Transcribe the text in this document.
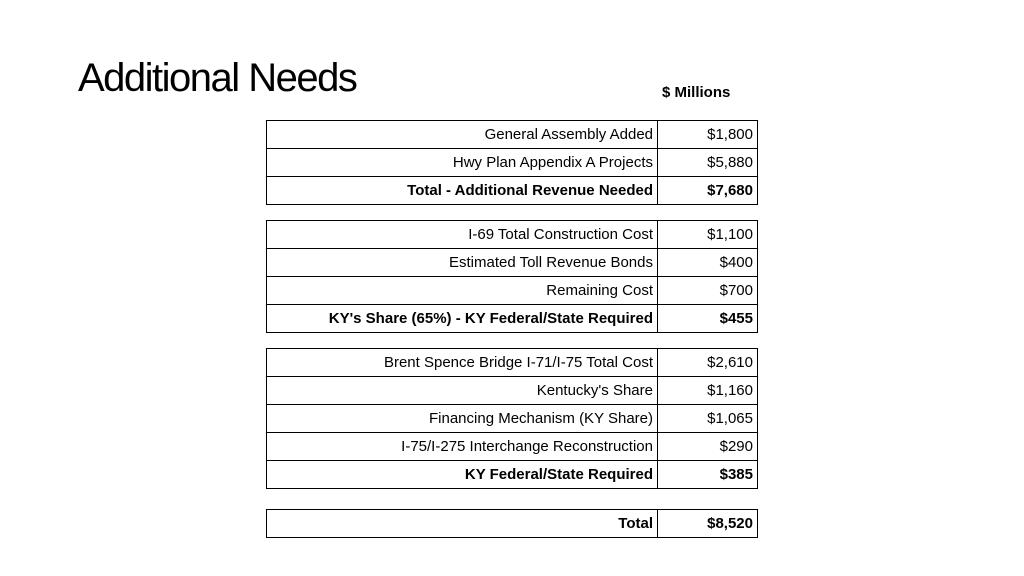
Additional Needs	$ Millions
General Assembly Added	$1,800
Hwy Plan Appendix A Projects	$5,880
Total - Additional Revenue Needed	$7,680
I-69 Total Construction Cost	$1,100
Estimated Toll Revenue Bonds	$400
Remaining Cost	$700
KY's Share (65%) - KY Federal/State Required	$455
Brent Spence Bridge I-71/I-75 Total Cost	$2,610
Kentucky's Share	$1,160
Financing Mechanism (KY Share)	$1,065
I-75/I-275 Interchange Reconstruction	$290
KY Federal/State Required	$385
Total	$8,520
